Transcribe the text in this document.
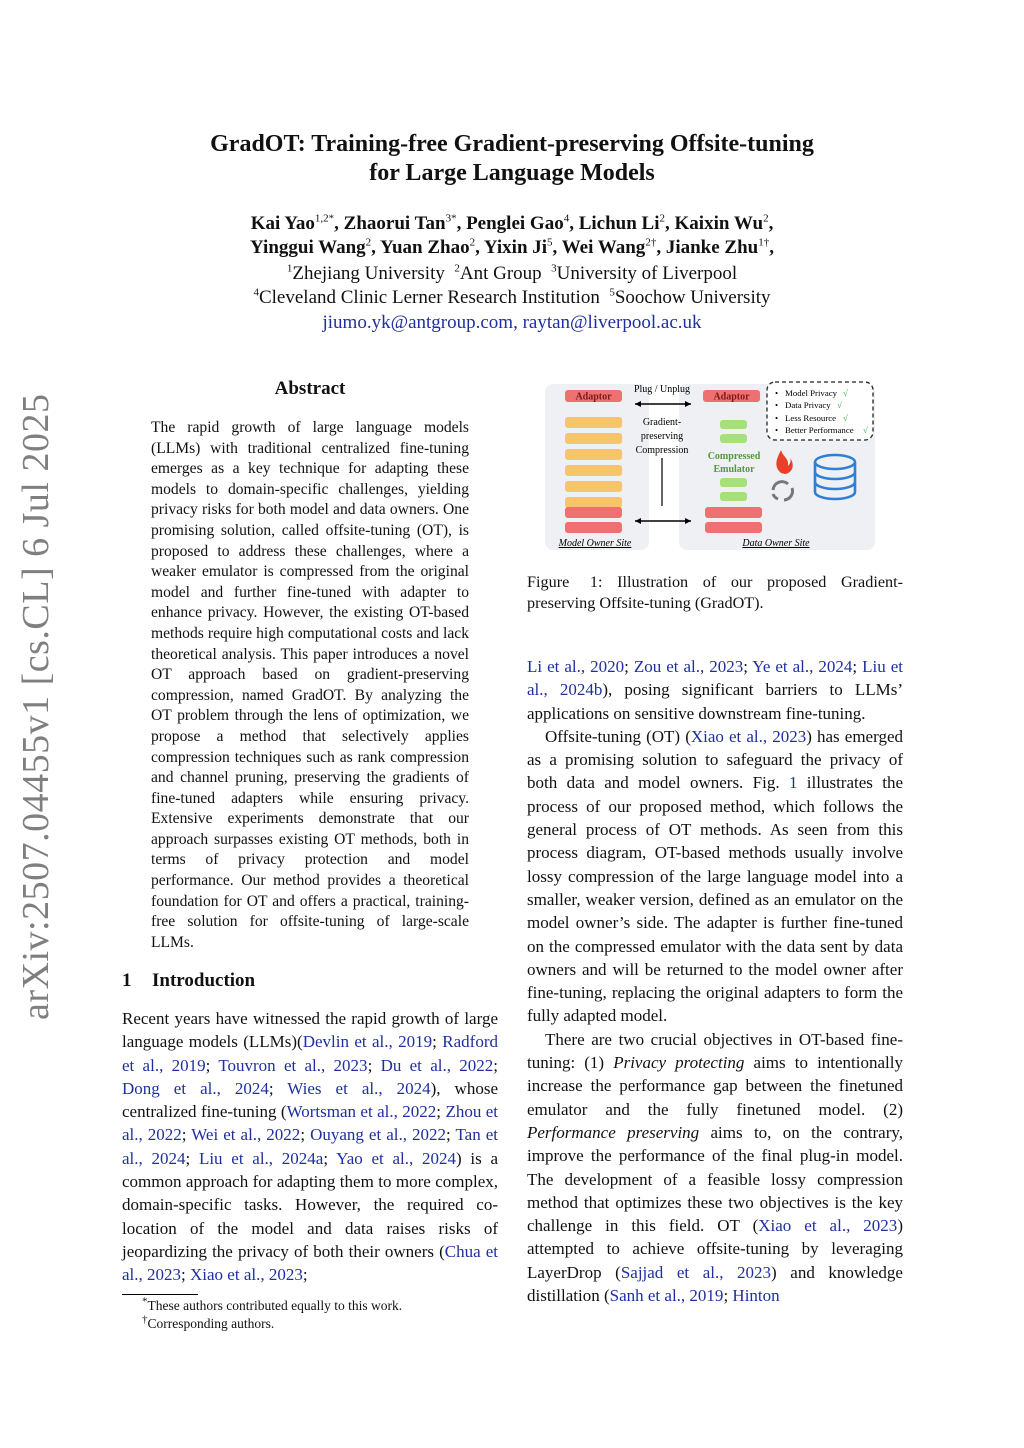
arXiv:2507.04455v1 [cs.CL] 6 Jul 2025
GradOT: Training-free Gradient-preserving Offsite-tuning
for Large Language Models
Kai Yao$^{1,2*}$, Zhaorui Tan$^{3*}$, Penglei Gao$^4$, Lichun Li$^2$, Kaixin Wu$^2$,
Yinggui Wang$^2$, Yuan Zhao$^2$, Yixin Ji$^5$, Wei Wang$^{2\dagger}$, Jianke Zhu$^{1\dagger}$,
$^1$Zhejiang University $^2$Ant Group $^3$University of Liverpool
$^4$Cleveland Clinic Lerner Research Institution $^5$Soochow University
jiumo.yk@antgroup.com, raytan@liverpool.ac.uk
Abstract
The rapid growth of large language models (LLMs) with traditional centralized fine-tuning emerges as a key technique for adapting these models to domain-specific challenges, yielding privacy risks for both model and data owners. One promising solution, called offsite-tuning (OT), is proposed to address these challenges, where a weaker emulator is compressed from the original model and further fine-tuned with adapter to enhance privacy. However, the existing OT-based methods require high computational costs and lack theoretical analysis. This paper introduces a novel OT approach based on gradient-preserving compression, named GradOT. By analyzing the OT problem through the lens of optimization, we propose a method that selectively applies compression techniques such as rank compression and channel pruning, preserving the gradients of fine-tuned adapters while ensuring privacy. Extensive experiments demonstrate that our approach surpasses existing OT methods, both in terms of privacy protection and model performance. Our method provides a theoretical foundation for OT and offers a practical, training-free solution for offsite-tuning of large-scale LLMs.
1 Introduction

Recent years have witnessed the rapid growth of large language models (LLMs)(Devlin et al., 2019; Radford et al., 2019; Touvron et al., 2023; Du et al., 2022; Dong et al., 2024; Wies et al., 2024), whose centralized fine-tuning (Wortsman et al., 2022; Zhou et al., 2022; Wei et al., 2022; Ouyang et al., 2022; Tan et al., 2024; Liu et al., 2024a; Yao et al., 2024) is a common approach for adapting them to more complex, domain-specific tasks. However, the required co-location of the model and data raises risks of jeopardizing the privacy of both their owners (Chua et al., 2023; Xiao et al., 2023;

*These authors contributed equally to this work.
†Corresponding authors.
Adaptor
Model Owner Site
Plug / Unplug
Gradient-
preserving
Compression
Adaptor
Compressed
Emulator
Data Owner Site
• Model Privacy √
• Data Privacy √
• Less Resource √
• Better Performance √
Figure 1: Illustration of our proposed Gradient-preserving Offsite-tuning (GradOT).

Li et al., 2020; Zou et al., 2023; Ye et al., 2024; Liu et al., 2024b), posing significant barriers to LLMs’ applications on sensitive downstream fine-tuning.

Offsite-tuning (OT) (Xiao et al., 2023) has emerged as a promising solution to safeguard the privacy of both data and model owners. Fig. 1 illustrates the process of our proposed method, which follows the general process of OT methods. As seen from this process diagram, OT-based methods usually involve lossy compression of the large language model into a smaller, weaker version, defined as an emulator on the model owner’s side. The adapter is further fine-tuned on the compressed emulator with the data sent by data owners and will be returned to the model owner after fine-tuning, replacing the original adapters to form the fully adapted model.

There are two crucial objectives in OT-based fine-tuning: (1) Privacy protecting aims to intentionally increase the performance gap between the finetuned emulator and the fully finetuned model. (2) Performance preserving aims to, on the contrary, improve the performance of the final plug-in model. The development of a feasible lossy compression method that optimizes these two objectives is the key challenge in this field. OT (Xiao et al., 2023) attempted to achieve offsite-tuning by leveraging LayerDrop (Sajjad et al., 2023) and knowledge distillation (Sanh et al., 2019; Hinton
